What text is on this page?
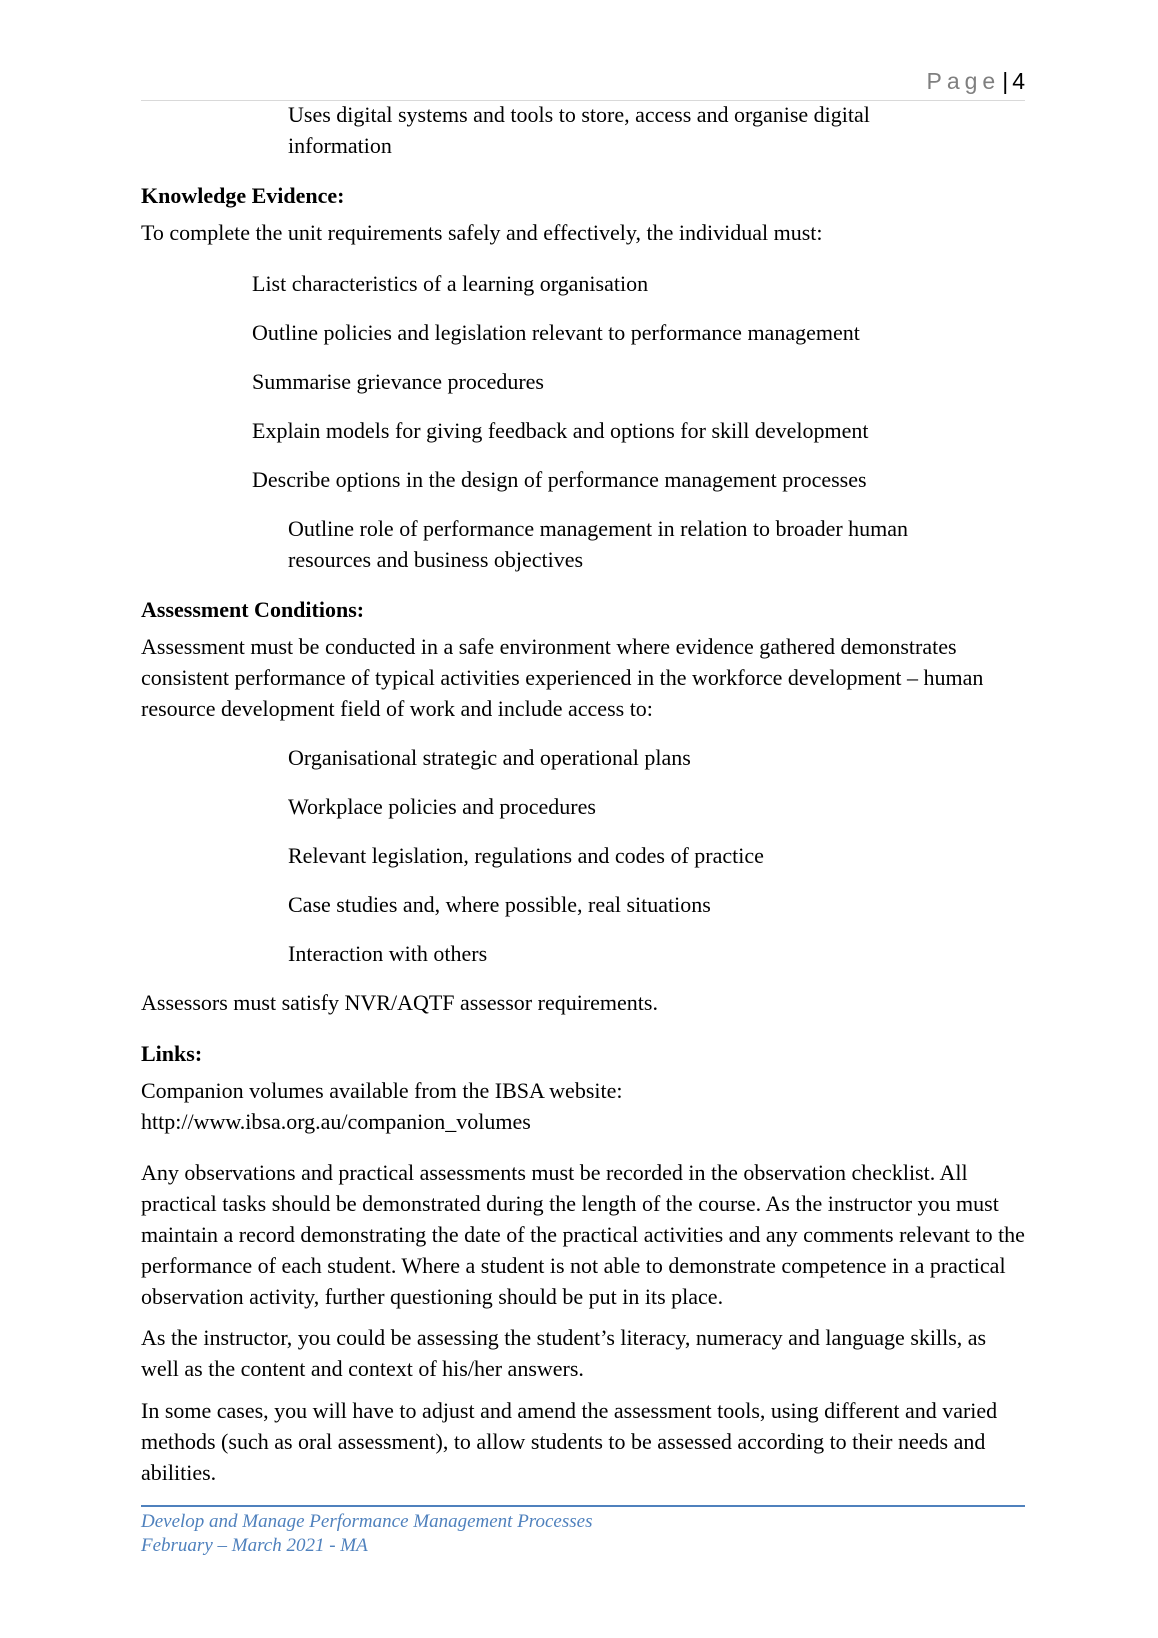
Page| 4

Uses digital systems and tools to store, access and organise digital information

Knowledge Evidence:

To complete the unit requirements safely and effectively, the individual must:

List characteristics of a learning organisation

Outline policies and legislation relevant to performance management

Summarise grievance procedures

Explain models for giving feedback and options for skill development

Describe options in the design of performance management processes

Outline role of performance management in relation to broader human resources and business objectives

Assessment Conditions:

Assessment must be conducted in a safe environment where evidence gathered demonstrates consistent performance of typical activities experienced in the workforce development – human resource development field of work and include access to:

Organisational strategic and operational plans

Workplace policies and procedures

Relevant legislation, regulations and codes of practice

Case studies and, where possible, real situations

Interaction with others

Assessors must satisfy NVR/AQTF assessor requirements.

Links:

Companion volumes available from the IBSA website:

http://www.ibsa.org.au/companion_volumes

Any observations and practical assessments must be recorded in the observation checklist. All practical tasks should be demonstrated during the length of the course. As the instructor you must maintain a record demonstrating the date of the practical activities and any comments relevant to the performance of each student. Where a student is not able to demonstrate competence in a practical observation activity, further questioning should be put in its place.

As the instructor, you could be assessing the student’s literacy, numeracy and language skills, as well as the content and context of his/her answers.

In some cases, you will have to adjust and amend the assessment tools, using different and varied methods (such as oral assessment), to allow students to be assessed according to their needs and abilities.

Develop and Manage Performance Management Processes
February – March 2021 - MA
